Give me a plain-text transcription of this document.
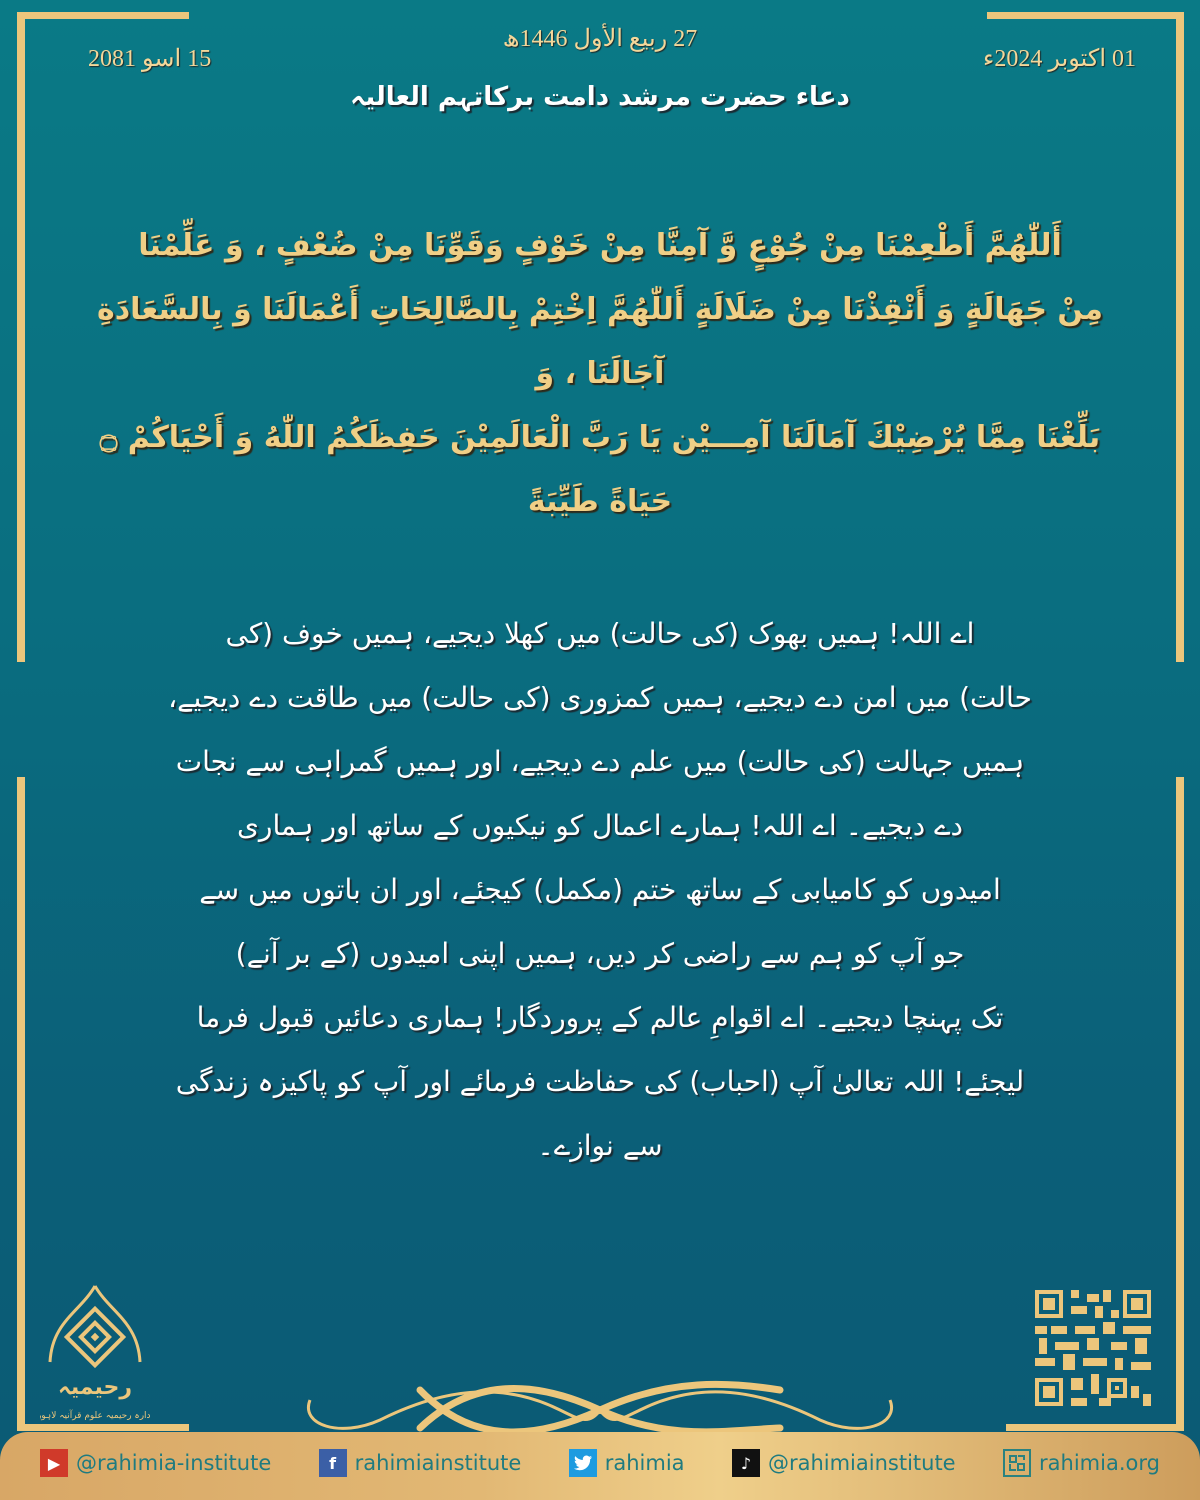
01 اکتوبر 2024ء
27 ربیع الأول 1446ھ
15 اسو 2081
دعاء حضرت مرشد دامت برکاتہم العالیہ
أَللّٰهُمَّ أَطْعِمْنَا مِنْ جُوْعٍ وَّ آمِنَّا مِنْ خَوْفٍ وَقَوِّنَا مِنْ ضُعْفٍ ، وَ عَلِّمْنَا
مِنْ جَهَالَةٍ وَ أَنْقِذْنَا مِنْ ضَلَالَةٍ أَللّٰهُمَّ اِخْتِمْ بِالصَّالِحَاتِ أَعْمَالَنَا وَ بِالسَّعَادَةِ آجَالَنَا ، وَ
بَلِّغْنَا مِمَّا يُرْضِيْكَ آمَالَنَا آمِـــيْن يَا رَبَّ الْعَالَمِيْنَ حَفِظَكُمُ اللّٰهُ وَ أَحْيَاكُمْ ۝ حَيَاةً طَيِّبَةً
اے اللہ! ہمیں بھوک (کی حالت) میں کھلا دیجیے، ہمیں خوف (کی
حالت) میں امن دے دیجیے، ہمیں کمزوری (کی حالت) میں طاقت دے دیجیے،
ہمیں جہالت (کی حالت) میں علم دے دیجیے، اور ہمیں گمراہی سے نجات
دے دیجیے۔ اے اللہ! ہمارے اعمال کو نیکیوں کے ساتھ اور ہماری
امیدوں کو کامیابی کے ساتھ ختم (مکمل) کیجئے، اور ان باتوں میں سے
جو آپ کو ہم سے راضی کر دیں، ہمیں اپنی امیدوں (کے بر آنے)
تک پہنچا دیجیے۔ اے اقوامِ عالم کے پروردگار! ہماری دعائیں قبول فرما
لیجئے! اللہ تعالیٰ آپ (احباب) کی حفاظت فرمائے اور آپ کو پاکیزہ زندگی
سے نوازے۔
رحیمیہ
ادارہ رحیمیہ علوم قرآنیہ لاہور
▶ @rahimia-institute	f rahimiainstitute	rahimia	♪ @rahimiainstitute	rahimia.org
